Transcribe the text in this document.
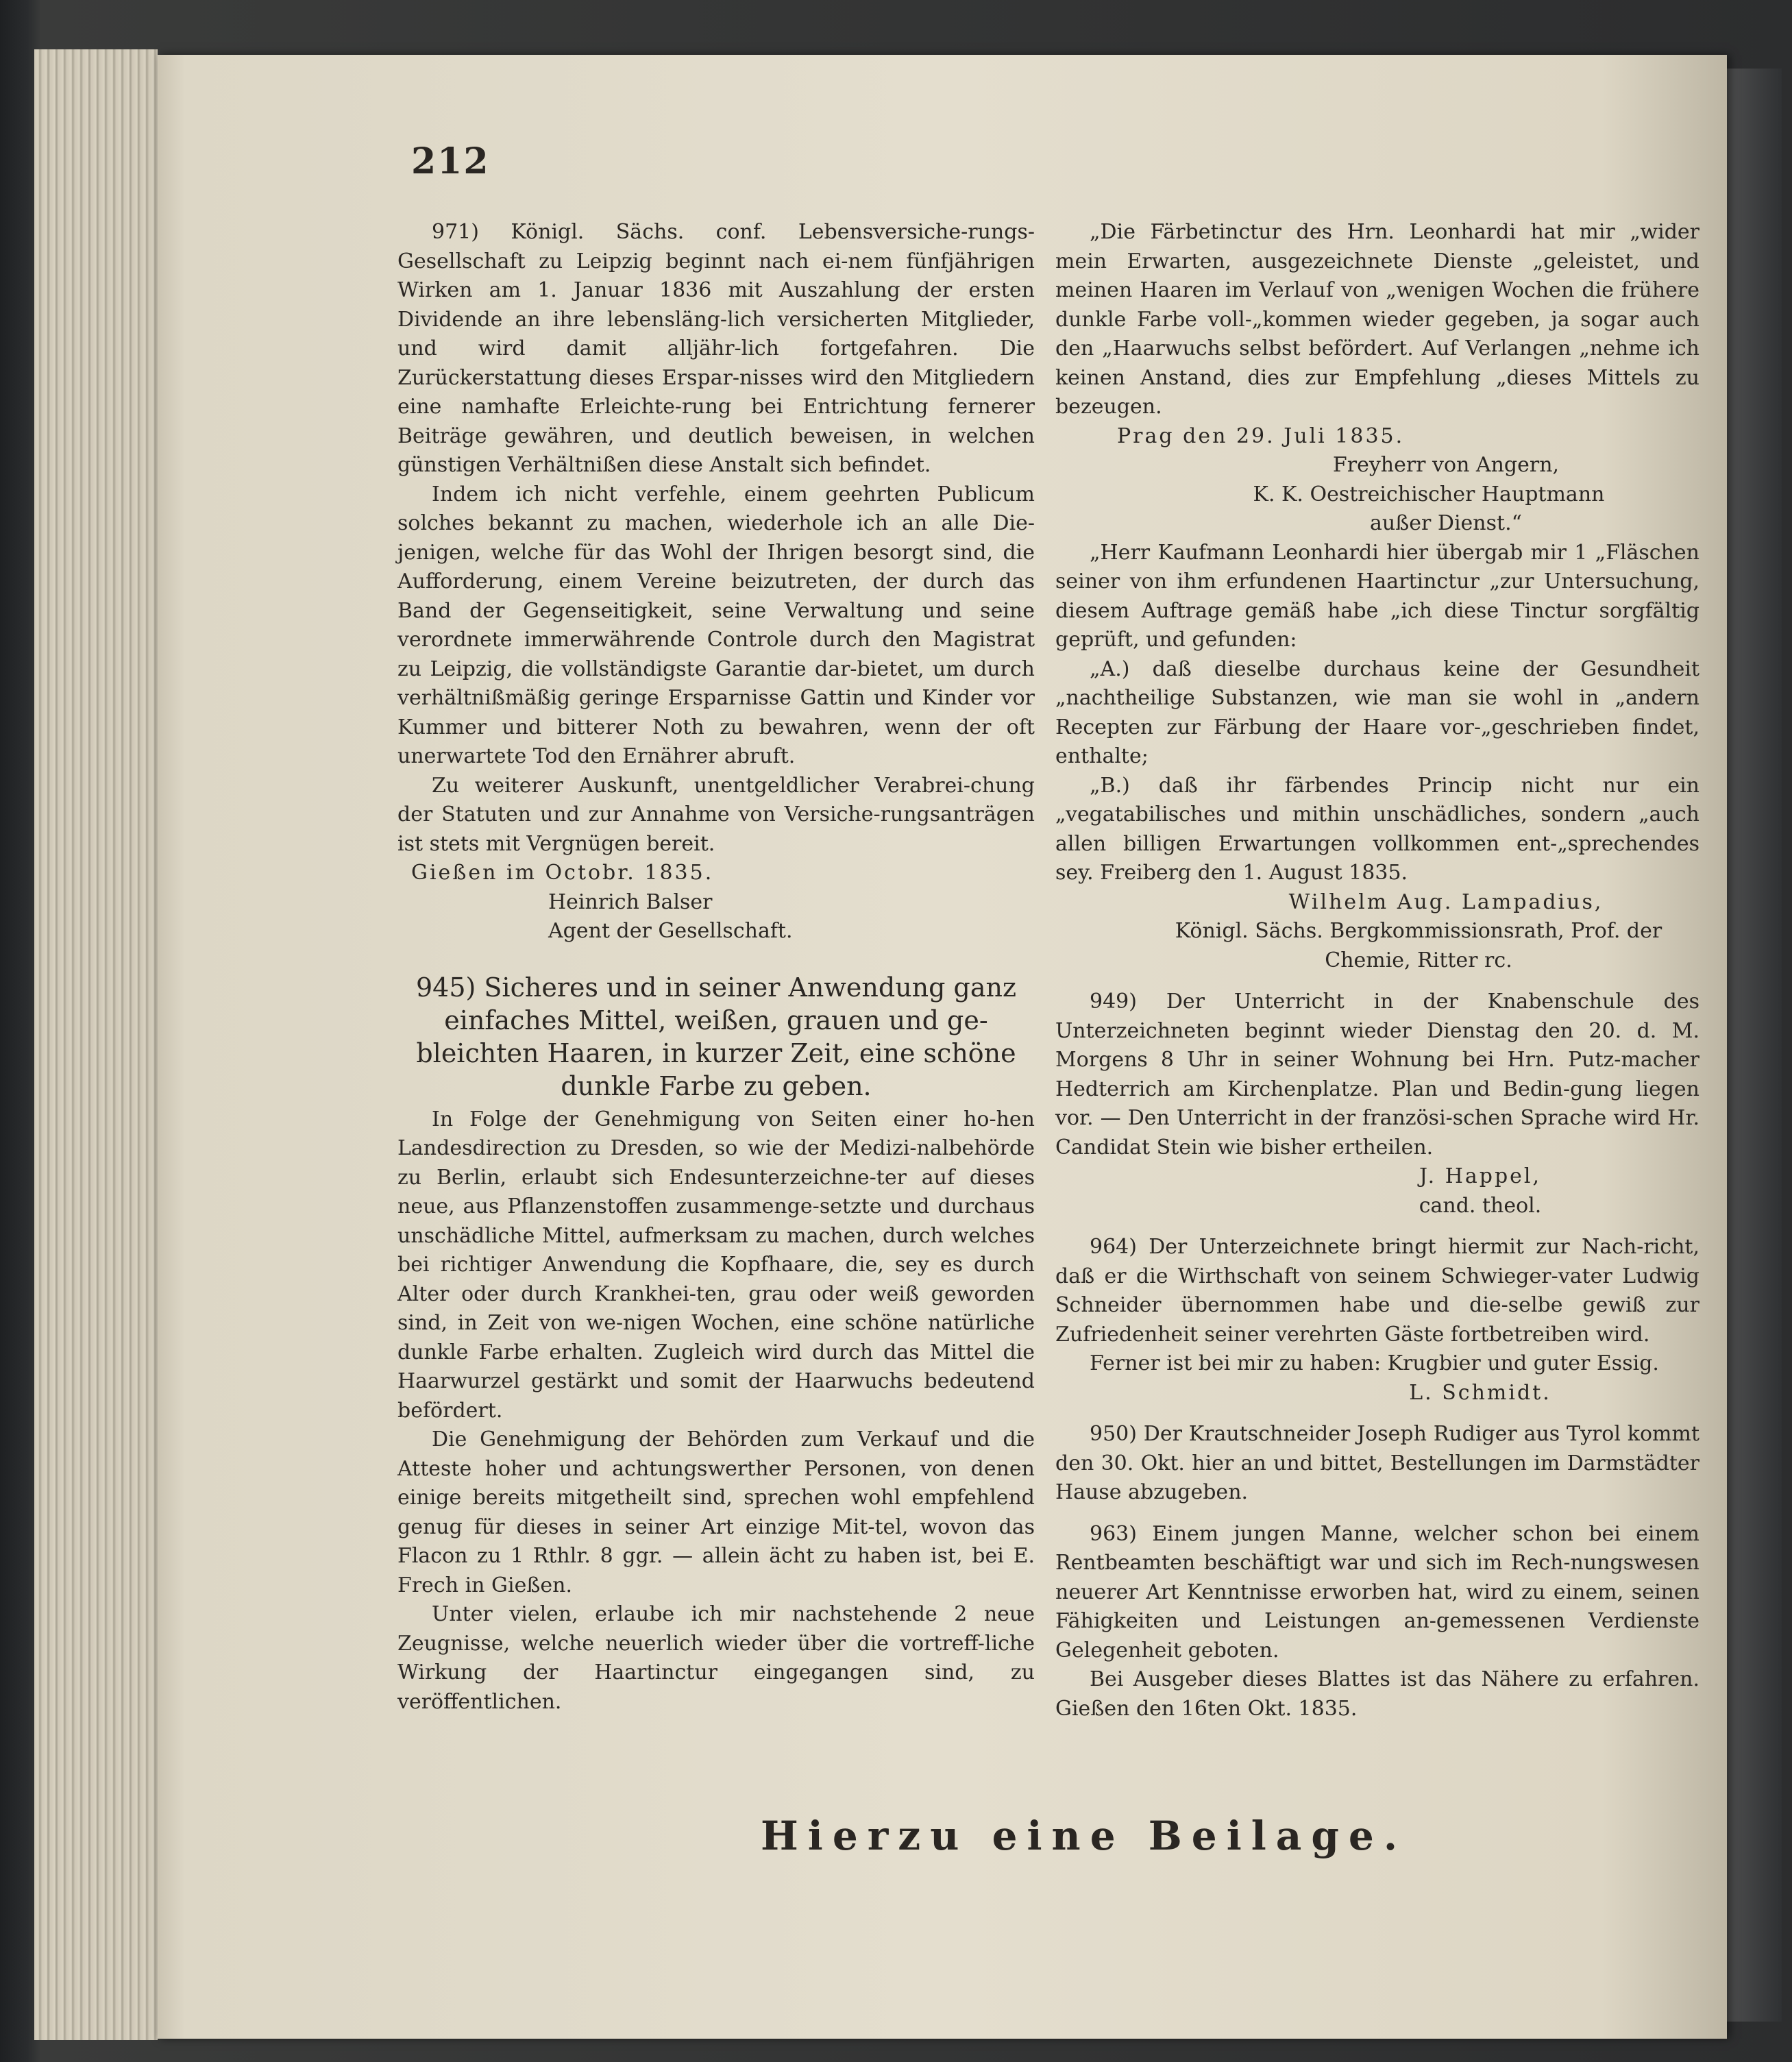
212

971) Königl. Sächs. conf. Lebensversiche-rungs-Gesellschaft zu Leipzig beginnt nach ei-nem fünfjährigen Wirken am 1. Januar 1836 mit Auszahlung der ersten Dividende an ihre lebensläng-lich versicherten Mitglieder, und wird damit alljähr-lich fortgefahren. Die Zurückerstattung dieses Erspar-nisses wird den Mitgliedern eine namhafte Erleichte-rung bei Entrichtung fernerer Beiträge gewähren, und deutlich beweisen, in welchen günstigen Verhältnißen diese Anstalt sich befindet.

Indem ich nicht verfehle, einem geehrten Publicum solches bekannt zu machen, wiederhole ich an alle Die-jenigen, welche für das Wohl der Ihrigen besorgt sind, die Aufforderung, einem Vereine beizutreten, der durch das Band der Gegenseitigkeit, seine Verwaltung und seine verordnete immerwährende Controle durch den Magistrat zu Leipzig, die vollständigste Garantie dar-bietet, um durch verhältnißmäßig geringe Ersparnisse Gattin und Kinder vor Kummer und bitterer Noth zu bewahren, wenn der oft unerwartete Tod den Ernährer abruft.

Zu weiterer Auskunft, unentgeldlicher Verabrei-chung der Statuten und zur Annahme von Versiche-rungsanträgen ist stets mit Vergnügen bereit.

Gießen im Octobr. 1835.

Heinrich Balser

Agent der Gesellschaft.

945) Sicheres und in seiner Anwendung ganz einfaches Mittel, weißen, grauen und ge-bleichten Haaren, in kurzer Zeit, eine schöne dunkle Farbe zu geben.

In Folge der Genehmigung von Seiten einer ho-hen Landesdirection zu Dresden, so wie der Medizi-nalbehörde zu Berlin, erlaubt sich Endesunterzeichne-ter auf dieses neue, aus Pflanzenstoffen zusammenge-setzte und durchaus unschädliche Mittel, aufmerksam zu machen, durch welches bei richtiger Anwendung die Kopfhaare, die, sey es durch Alter oder durch Krankhei-ten, grau oder weiß geworden sind, in Zeit von we-nigen Wochen, eine schöne natürliche dunkle Farbe erhalten. Zugleich wird durch das Mittel die Haarwurzel gestärkt und somit der Haarwuchs bedeutend befördert.

Die Genehmigung der Behörden zum Verkauf und die Atteste hoher und achtungswerther Personen, von denen einige bereits mitgetheilt sind, sprechen wohl empfehlend genug für dieses in seiner Art einzige Mit-tel, wovon das Flacon zu 1 Rthlr. 8 ggr. — allein ächt zu haben ist, bei E. Frech in Gießen.

Unter vielen, erlaube ich mir nachstehende 2 neue Zeugnisse, welche neuerlich wieder über die vortreff-liche Wirkung der Haartinctur eingegangen sind, zu veröffentlichen.

„Die Färbetinctur des Hrn. Leonhardi hat mir „wider mein Erwarten, ausgezeichnete Dienste „geleistet, und meinen Haaren im Verlauf von „wenigen Wochen die frühere dunkle Farbe voll-„kommen wieder gegeben, ja sogar auch den „Haarwuchs selbst befördert. Auf Verlangen „nehme ich keinen Anstand, dies zur Empfehlung „dieses Mittels zu bezeugen.

Prag den 29. Juli 1835.

Freyherr von Angern,

K. K. Oestreichischer Hauptmann

außer Dienst.“

„Herr Kaufmann Leonhardi hier übergab mir 1 „Fläschen seiner von ihm erfundenen Haartinctur „zur Untersuchung, diesem Auftrage gemäß habe „ich diese Tinctur sorgfältig geprüft, und gefunden:

„A.) daß dieselbe durchaus keine der Gesundheit „nachtheilige Substanzen, wie man sie wohl in „andern Recepten zur Färbung der Haare vor-„geschrieben findet, enthalte;

„B.) daß ihr färbendes Princip nicht nur ein „vegatabilisches und mithin unschädliches, sondern „auch allen billigen Erwartungen vollkommen ent-„sprechendes sey. Freiberg den 1. August 1835.

Wilhelm Aug. Lampadius,

Königl. Sächs. Bergkommissionsrath, Prof. der Chemie, Ritter rc.

949) Der Unterricht in der Knabenschule des Unterzeichneten beginnt wieder Dienstag den 20. d. M. Morgens 8 Uhr in seiner Wohnung bei Hrn. Putz-macher Hedterrich am Kirchenplatze. Plan und Bedin-gung liegen vor. — Den Unterricht in der französi-schen Sprache wird Hr. Candidat Stein wie bisher ertheilen.

J. Happel,

cand. theol.

964) Der Unterzeichnete bringt hiermit zur Nach-richt, daß er die Wirthschaft von seinem Schwieger-vater Ludwig Schneider übernommen habe und die-selbe gewiß zur Zufriedenheit seiner verehrten Gäste fortbetreiben wird.

Ferner ist bei mir zu haben: Krugbier und guter Essig.

L. Schmidt.

950) Der Krautschneider Joseph Rudiger aus Tyrol kommt den 30. Okt. hier an und bittet, Bestellungen im Darmstädter Hause abzugeben.

963) Einem jungen Manne, welcher schon bei einem Rentbeamten beschäftigt war und sich im Rech-nungswesen neuerer Art Kenntnisse erworben hat, wird zu einem, seinen Fähigkeiten und Leistungen an-gemessenen Verdienste Gelegenheit geboten.

Bei Ausgeber dieses Blattes ist das Nähere zu erfahren. Gießen den 16ten Okt. 1835.

Hierzu eine Beilage.
